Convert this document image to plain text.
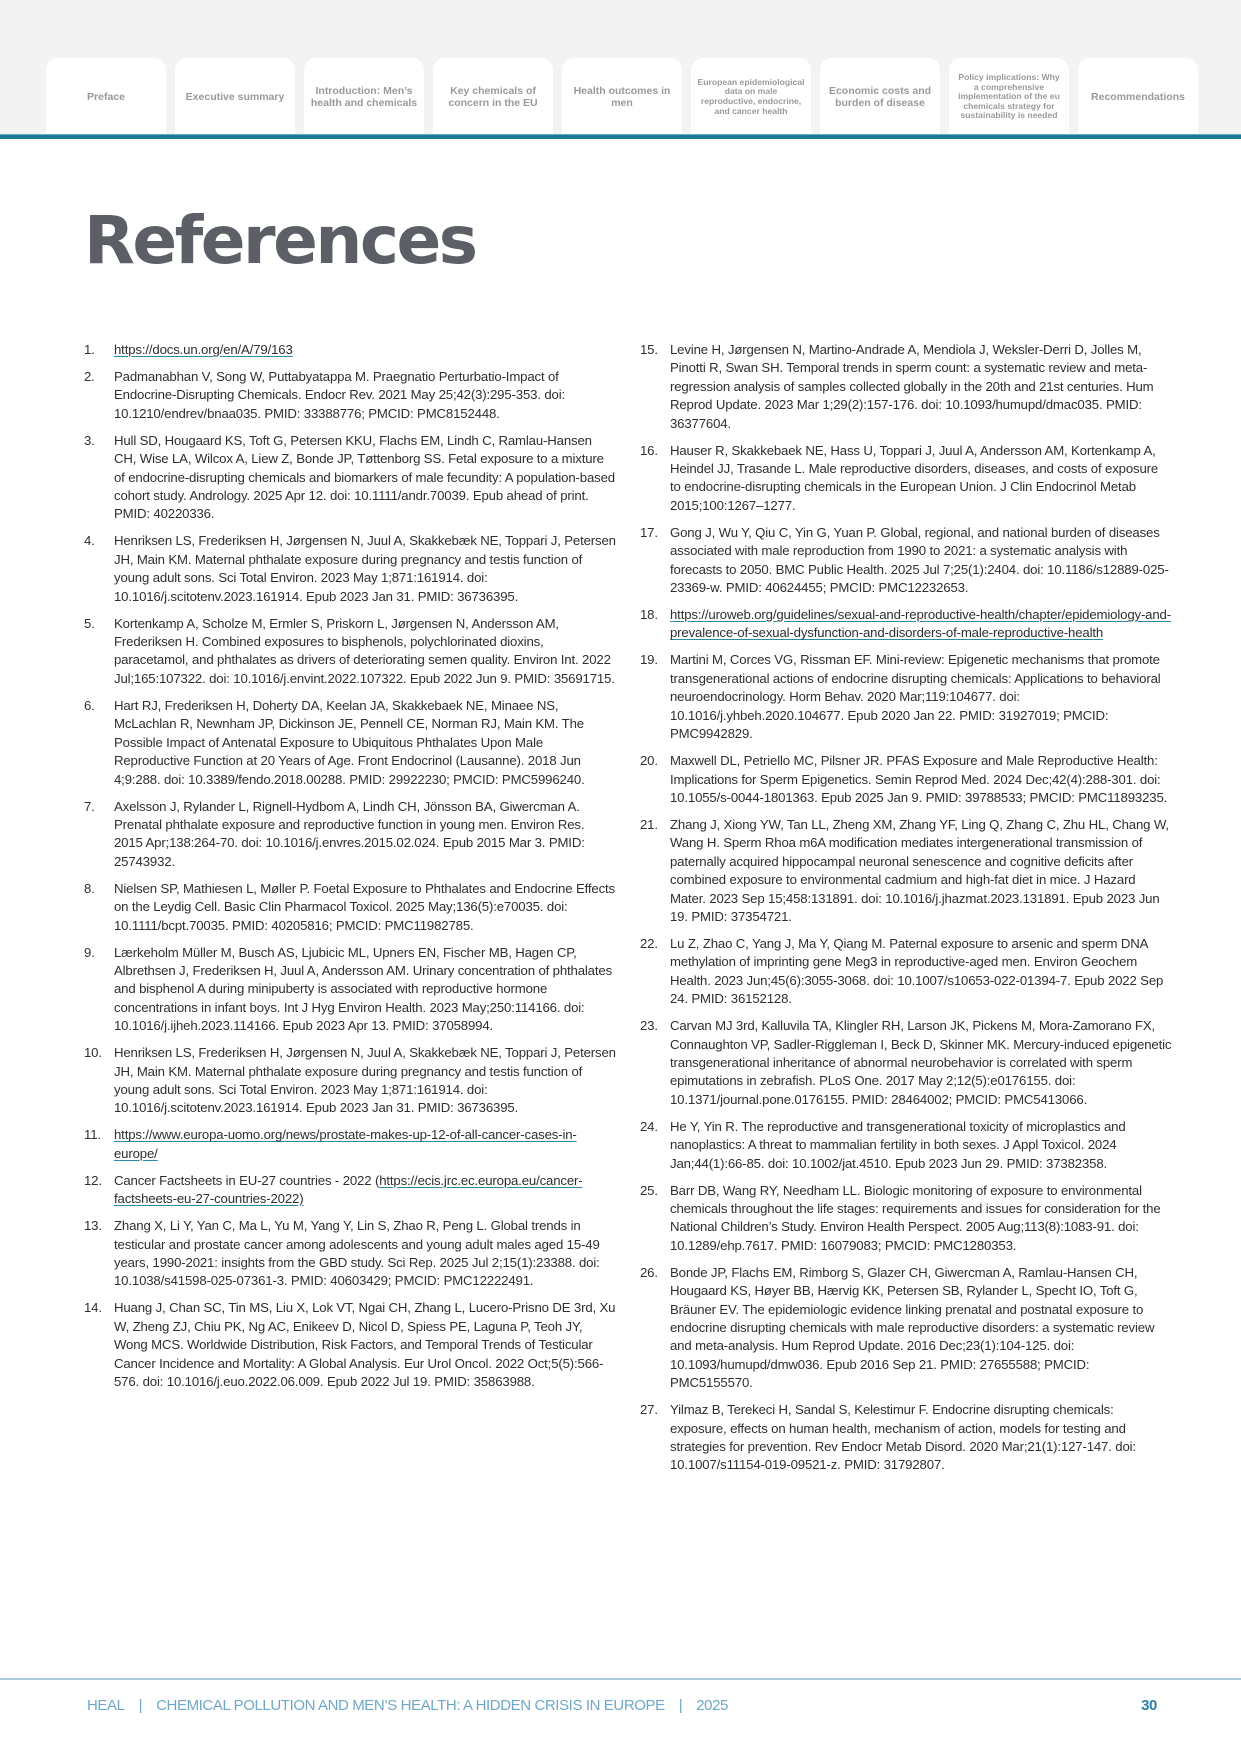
Preface	Executive summary
Introduction: Men’s health and chemicals
Key chemicals of concern in the EU
Health outcomes in men
European epidemiological data on male reproductive, endocrine, and cancer health
Economic costs and burden of disease
Policy implications: Why a comprehensive implementation of the eu chemicals strategy for sustainability is needed
Recommendations
References
1.	https://docs.un.org/en/A/79/163
2.	Padmanabhan V, Song W, Puttabyatappa M. Praegnatio Perturbatio-Impact of Endocrine-Disrupting Chemicals. Endocr Rev. 2021 May 25;42(3):295-353. doi: 10.1210/endrev/bnaa035. PMID: 33388776; PMCID: PMC8152448.
3.	Hull SD, Hougaard KS, Toft G, Petersen KKU, Flachs EM, Lindh C, Ramlau-Hansen CH, Wise LA, Wilcox A, Liew Z, Bonde JP, Tøttenborg SS. Fetal exposure to a mixture of endocrine-disrupting chemicals and biomarkers of male fecundity: A population-based cohort study. Andrology. 2025 Apr 12. doi: 10.1111/andr.70039. Epub ahead of print. PMID: 40220336.
4.	Henriksen LS, Frederiksen H, Jørgensen N, Juul A, Skakkebæk NE, Toppari J, Petersen JH, Main KM. Maternal phthalate exposure during pregnancy and testis function of young adult sons. Sci Total Environ. 2023 May 1;871:161914. doi: 10.1016/j.scitotenv.2023.161914. Epub 2023 Jan 31. PMID: 36736395.
5.	Kortenkamp A, Scholze M, Ermler S, Priskorn L, Jørgensen N, Andersson AM, Frederiksen H. Combined exposures to bisphenols, polychlorinated dioxins, paracetamol, and phthalates as drivers of deteriorating semen quality. Environ Int. 2022 Jul;165:107322. doi: 10.1016/j.envint.2022.107322. Epub 2022 Jun 9. PMID: 35691715.
6.	Hart RJ, Frederiksen H, Doherty DA, Keelan JA, Skakkebaek NE, Minaee NS, McLachlan R, Newnham JP, Dickinson JE, Pennell CE, Norman RJ, Main KM. The Possible Impact of Antenatal Exposure to Ubiquitous Phthalates Upon Male Reproductive Function at 20 Years of Age. Front Endocrinol (Lausanne). 2018 Jun 4;9:288. doi: 10.3389/fendo.2018.00288. PMID: 29922230; PMCID: PMC5996240.
7.	Axelsson J, Rylander L, Rignell-Hydbom A, Lindh CH, Jönsson BA, Giwercman A. Prenatal phthalate exposure and reproductive function in young men. Environ Res. 2015 Apr;138:264-70. doi: 10.1016/j.envres.2015.02.024. Epub 2015 Mar 3. PMID: 25743932.
8.	Nielsen SP, Mathiesen L, Møller P. Foetal Exposure to Phthalates and Endocrine Effects on the Leydig Cell. Basic Clin Pharmacol Toxicol. 2025 May;136(5):e70035. doi: 10.1111/bcpt.70035. PMID: 40205816; PMCID: PMC11982785.
9.	Lærkeholm Müller M, Busch AS, Ljubicic ML, Upners EN, Fischer MB, Hagen CP, Albrethsen J, Frederiksen H, Juul A, Andersson AM. Urinary concentration of phthalates and bisphenol A during minipuberty is associated with reproductive hormone concentrations in infant boys. Int J Hyg Environ Health. 2023 May;250:114166. doi: 10.1016/j.ijheh.2023.114166. Epub 2023 Apr 13. PMID: 37058994.
10. Henriksen LS, Frederiksen H, Jørgensen N, Juul A, Skakkebæk NE, Toppari J, Petersen JH, Main KM. Maternal phthalate exposure during pregnancy and testis function of young adult sons. Sci Total Environ. 2023 May 1;871:161914. doi: 10.1016/j.scitotenv.2023.161914. Epub 2023 Jan 31. PMID: 36736395.
11. https://www.europa-uomo.org/news/prostate-makes-up-12-of-all-cancer-cases-in-europe/
12. Cancer Factsheets in EU-27 countries - 2022 (https://ecis.jrc.ec.europa.eu/cancer-factsheets-eu-27-countries-2022)
13. Zhang X, Li Y, Yan C, Ma L, Yu M, Yang Y, Lin S, Zhao R, Peng L. Global trends in testicular and prostate cancer among adolescents and young adult males aged 15-49 years, 1990-2021: insights from the GBD study. Sci Rep. 2025 Jul 2;15(1):23388. doi: 10.1038/s41598-025-07361-3. PMID: 40603429; PMCID: PMC12222491.
14. Huang J, Chan SC, Tin MS, Liu X, Lok VT, Ngai CH, Zhang L, Lucero-Prisno DE 3rd, Xu W, Zheng ZJ, Chiu PK, Ng AC, Enikeev D, Nicol D, Spiess PE, Laguna P, Teoh JY, Wong MCS. Worldwide Distribution, Risk Factors, and Temporal Trends of Testicular Cancer Incidence and Mortality: A Global Analysis. Eur Urol Oncol. 2022 Oct;5(5):566-576. doi: 10.1016/j.euo.2022.06.009. Epub 2022 Jul 19. PMID: 35863988.
15. Levine H, Jørgensen N, Martino-Andrade A, Mendiola J, Weksler-Derri D, Jolles M, Pinotti R, Swan SH. Temporal trends in sperm count: a systematic review and meta-regression analysis of samples collected globally in the 20th and 21st centuries. Hum Reprod Update. 2023 Mar 1;29(2):157-176. doi: 10.1093/humupd/dmac035. PMID: 36377604.
16. Hauser R, Skakkebaek NE, Hass U, Toppari J, Juul A, Andersson AM, Kortenkamp A, Heindel JJ, Trasande L. Male reproductive disorders, diseases, and costs of exposure to endocrine-disrupting chemicals in the European Union. J Clin Endocrinol Metab 2015;100:1267–1277.
17. Gong J, Wu Y, Qiu C, Yin G, Yuan P. Global, regional, and national burden of diseases associated with male reproduction from 1990 to 2021: a systematic analysis with forecasts to 2050. BMC Public Health. 2025 Jul 7;25(1):2404. doi: 10.1186/s12889-025-23369-w. PMID: 40624455; PMCID: PMC12232653.
18. https://uroweb.org/guidelines/sexual-and-reproductive-health/chapter/epidemiology-and-prevalence-of-sexual-dysfunction-and-disorders-of-male-reproductive-health
19. Martini M, Corces VG, Rissman EF. Mini-review: Epigenetic mechanisms that promote transgenerational actions of endocrine disrupting chemicals: Applications to behavioral neuroendocrinology. Horm Behav. 2020 Mar;119:104677. doi: 10.1016/j.yhbeh.2020.104677. Epub 2020 Jan 22. PMID: 31927019; PMCID: PMC9942829.
20. Maxwell DL, Petriello MC, Pilsner JR. PFAS Exposure and Male Reproductive Health: Implications for Sperm Epigenetics. Semin Reprod Med. 2024 Dec;42(4):288-301. doi: 10.1055/s-0044-1801363. Epub 2025 Jan 9. PMID: 39788533; PMCID: PMC11893235.
21. Zhang J, Xiong YW, Tan LL, Zheng XM, Zhang YF, Ling Q, Zhang C, Zhu HL, Chang W, Wang H. Sperm Rhoa m6A modification mediates intergenerational transmission of paternally acquired hippocampal neuronal senescence and cognitive deficits after combined exposure to environmental cadmium and high-fat diet in mice. J Hazard Mater. 2023 Sep 15;458:131891. doi: 10.1016/j.jhazmat.2023.131891. Epub 2023 Jun 19. PMID: 37354721.
22. Lu Z, Zhao C, Yang J, Ma Y, Qiang M. Paternal exposure to arsenic and sperm DNA methylation of imprinting gene Meg3 in reproductive-aged men. Environ Geochem Health. 2023 Jun;45(6):3055-3068. doi: 10.1007/s10653-022-01394-7. Epub 2022 Sep 24. PMID: 36152128.
23. Carvan MJ 3rd, Kalluvila TA, Klingler RH, Larson JK, Pickens M, Mora-Zamorano FX, Connaughton VP, Sadler-Riggleman I, Beck D, Skinner MK. Mercury-induced epigenetic transgenerational inheritance of abnormal neurobehavior is correlated with sperm epimutations in zebrafish. PLoS One. 2017 May 2;12(5):e0176155. doi: 10.1371/journal.pone.0176155. PMID: 28464002; PMCID: PMC5413066.
24. He Y, Yin R. The reproductive and transgenerational toxicity of microplastics and nanoplastics: A threat to mammalian fertility in both sexes. J Appl Toxicol. 2024 Jan;44(1):66-85. doi: 10.1002/jat.4510. Epub 2023 Jun 29. PMID: 37382358.
25. Barr DB, Wang RY, Needham LL. Biologic monitoring of exposure to environmental chemicals throughout the life stages: requirements and issues for consideration for the National Children’s Study. Environ Health Perspect. 2005 Aug;113(8):1083-91. doi: 10.1289/ehp.7617. PMID: 16079083; PMCID: PMC1280353.
26. Bonde JP, Flachs EM, Rimborg S, Glazer CH, Giwercman A, Ramlau-Hansen CH, Hougaard KS, Høyer BB, Hærvig KK, Petersen SB, Rylander L, Specht IO, Toft G, Bräuner EV. The epidemiologic evidence linking prenatal and postnatal exposure to endocrine disrupting chemicals with male reproductive disorders: a systematic review and meta-analysis. Hum Reprod Update. 2016 Dec;23(1):104-125. doi: 10.1093/humupd/dmw036. Epub 2016 Sep 21. PMID: 27655588; PMCID: PMC5155570.
27. Yilmaz B, Terekeci H, Sandal S, Kelestimur F. Endocrine disrupting chemicals: exposure, effects on human health, mechanism of action, models for testing and strategies for prevention. Rev Endocr Metab Disord. 2020 Mar;21(1):127-147. doi: 10.1007/s11154-019-09521-z. PMID: 31792807.
HEAL | CHEMICAL POLLUTION AND MEN’S HEALTH: A HIDDEN CRISIS IN EUROPE | 2025	30
